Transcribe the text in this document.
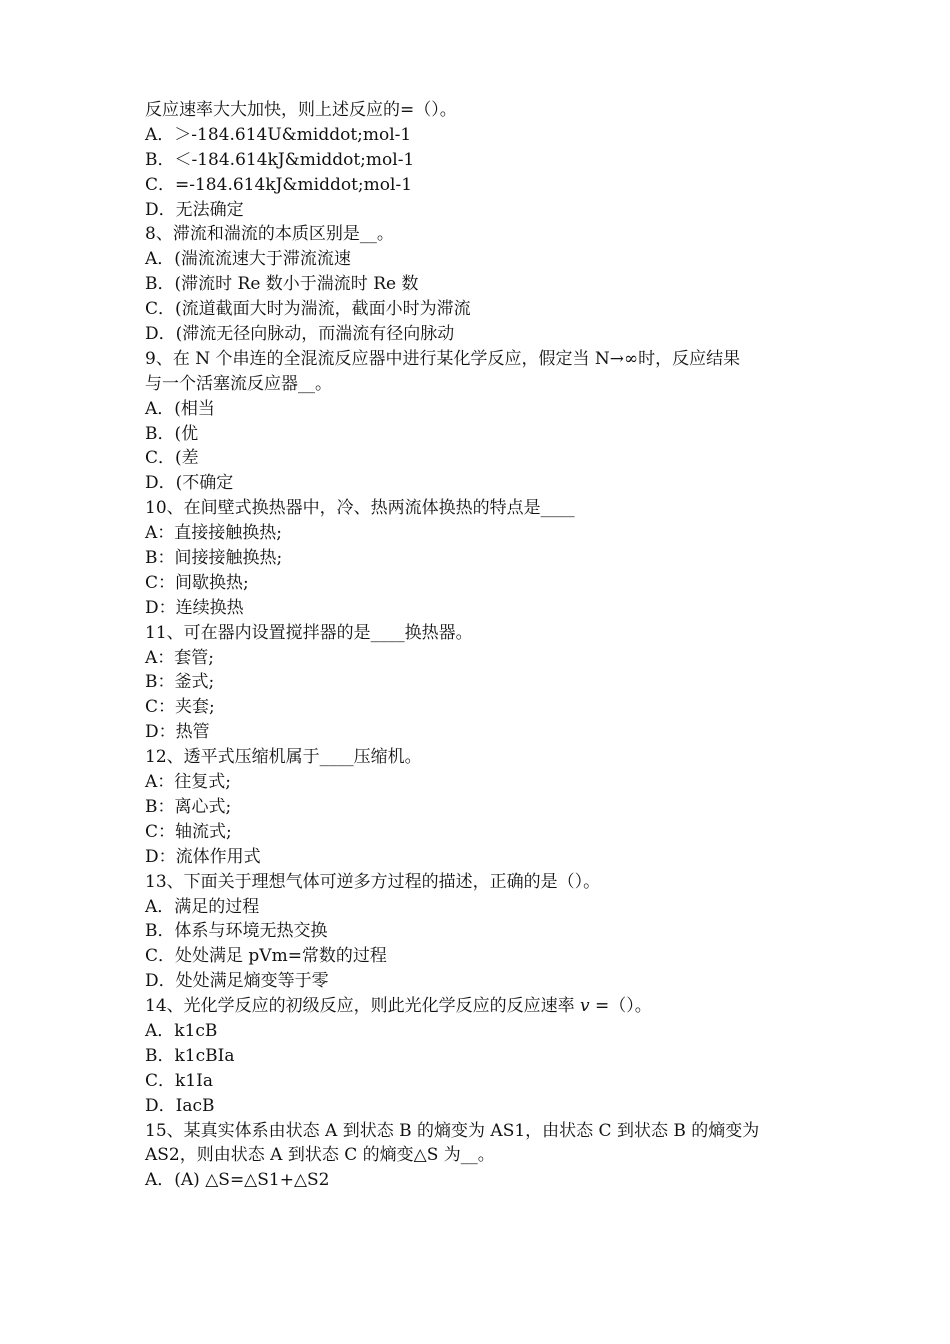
反应速率大大加快，则上述反应的=（）。
A．＞-184.614U&middot;mol-1
B．＜-184.614kJ&middot;mol-1
C．=-184.614kJ&middot;mol-1
D．无法确定
8、滞流和湍流的本质区别是__。
A．(湍流流速大于滞流流速
B．(滞流时 Re 数小于湍流时 Re 数
C．(流道截面大时为湍流，截面小时为滞流
D．(滞流无径向脉动，而湍流有径向脉动
9、在 N 个串连的全混流反应器中进行某化学反应，假定当 N→∞时，反应结果
与一个活塞流反应器__。
A．(相当
B．(优
C．(差
D．(不确定
10、在间壁式换热器中，冷、热两流体换热的特点是____
A：直接接触换热;
B：间接接触换热;
C：间歇换热;
D：连续换热
11、可在器内设置搅拌器的是____换热器。
A：套管;
B：釜式;
C：夹套;
D：热管
12、透平式压缩机属于____压缩机。
A：往复式;
B：离心式;
C：轴流式;
D：流体作用式
13、下面关于理想气体可逆多方过程的描述，正确的是（）。
A．满足的过程
B．体系与环境无热交换
C．处处满足 pVm=常数的过程
D．处处满足熵变等于零
14、光化学反应的初级反应，则此光化学反应的反应速率 𝑣 =（）。
A．k1cB
B．k1cBIa
C．k1Ia
D．IacB
15、某真实体系由状态 A 到状态 B 的熵变为 AS1，由状态 C 到状态 B 的熵变为
AS2，则由状态 A 到状态 C 的熵变△S 为__。
A．(A) △S=△S1+△S2
